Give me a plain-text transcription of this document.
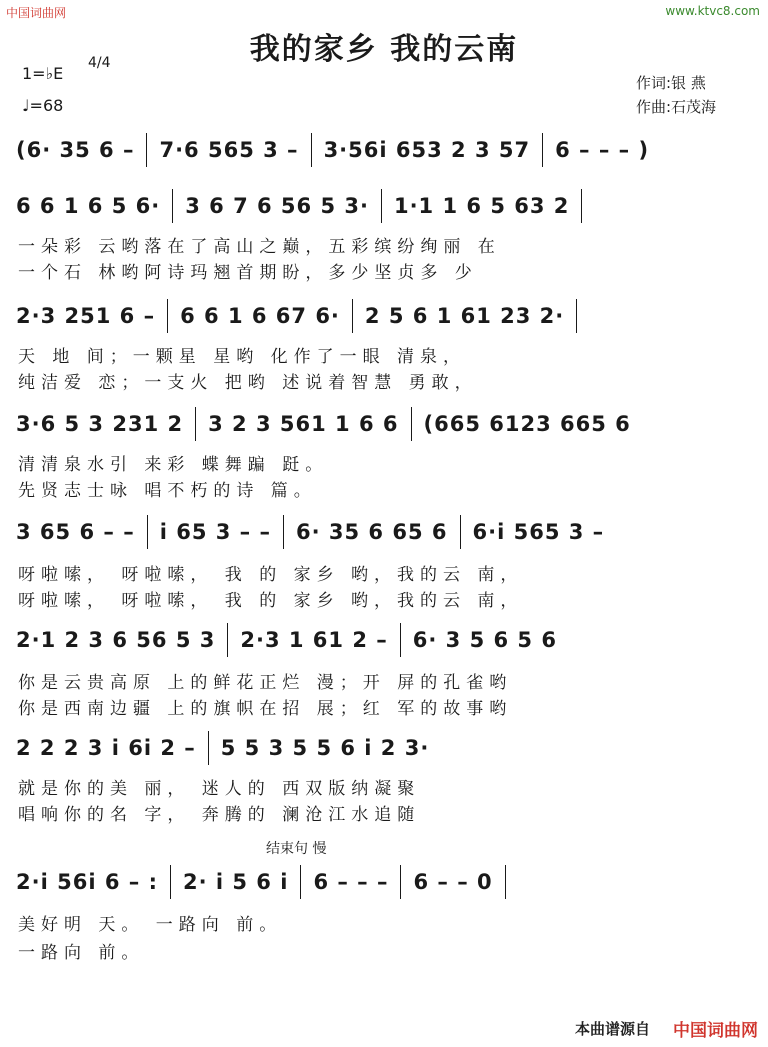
中国词曲网	www.ktvc8.com
我的家乡 我的云南
1=♭E
4/4
♩=68
作词:银 燕
作曲:石茂海
(6· 35 6 – 7·6 565 3 – 3·56i 653 2 3 57 6 – – – )
6 6 1 6 5 6· 3 6 7 6 56 5 3· 1·1 1 6 5 63 2
一朵彩 云哟落在了高山之巅，五彩缤纷绚丽 在
一个石 林哟阿诗玛翘首期盼，多少坚贞多 少
2·3 251 6 – 6 6 1 6 67 6· 2 5 6 1 61 23 2·
天 地 间；一颗星 星哟 化作了一眼 清泉，
纯洁爱 恋；一支火 把哟 述说着智慧 勇敢，
3·6 5 3 231 2 3 2 3 561 1 6 6 (665 6123 665 6
清清泉水引 来彩 蝶舞蹁 跹。
先贤志士咏 唱不朽的诗 篇。
3 65 6 – – i 65 3 – – 6· 35 6 65 6 6·i 565 3 –
呀啦嗦， 呀啦嗦， 我 的 家乡 哟，我的云 南，
呀啦嗦， 呀啦嗦， 我 的 家乡 哟，我的云 南，
2·1 2 3 6 56 5 3 2·3 1 61 2 – 6· 3 5 6 5 6
你是云贵高原 上的鲜花正烂 漫；开 屏的孔雀哟
你是西南边疆 上的旗帜在招 展；红 军的故事哟
2 2 2 3 i 6i 2 – 5 5 3 5 5 6 i 2 3·
就是你的美 丽， 迷人的 西双版纳凝聚
唱响你的名 字， 奔腾的 澜沧江水追随
结束句 慢
2·i 56i 6 – : 2· i 5 6 i 6 – – – 6 – – 0
美好明 天。 一路向 前。
一路向 前。
本曲谱源自 中国词曲网
